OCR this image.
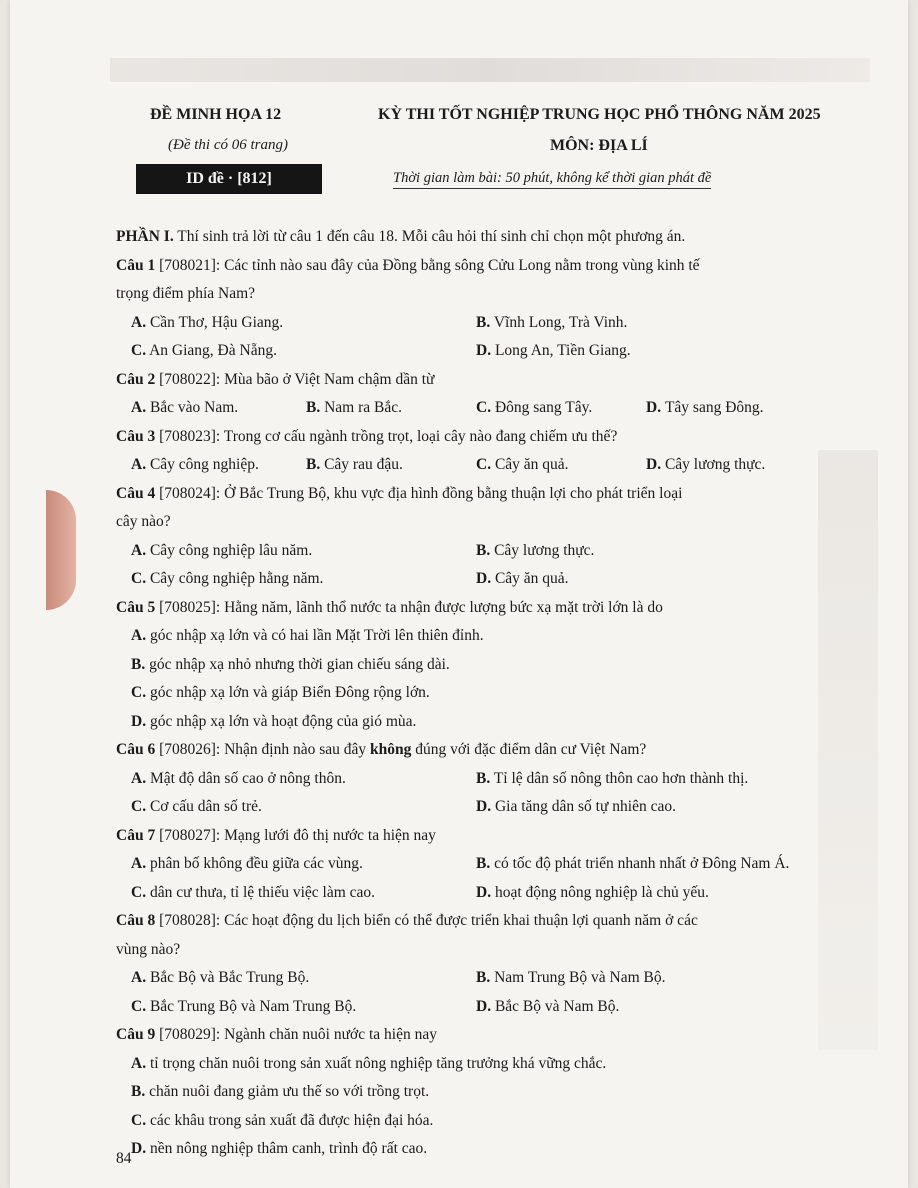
ĐỀ MINH HỌA 12	KỲ THI TỐT NGHIỆP TRUNG HỌC PHỔ THÔNG NĂM 2025
(Đề thi có 06 trang)	MÔN: ĐỊA LÍ
ID đề · [812]	Thời gian làm bài: 50 phút, không kể thời gian phát đề
PHẦN I. Thí sinh trả lời từ câu 1 đến câu 18. Mỗi câu hỏi thí sinh chỉ chọn một phương án.
Câu 1 [708021]: Các tỉnh nào sau đây của Đồng bằng sông Cửu Long nằm trong vùng kinh tế
trọng điểm phía Nam?
A. Cần Thơ, Hậu Giang.	B. Vĩnh Long, Trà Vinh.
C. An Giang, Đà Nẵng.	D. Long An, Tiền Giang.
Câu 2 [708022]: Mùa bão ở Việt Nam chậm dần từ
A. Bắc vào Nam.	B. Nam ra Bắc.	C. Đông sang Tây.	D. Tây sang Đông.
Câu 3 [708023]: Trong cơ cấu ngành trồng trọt, loại cây nào đang chiếm ưu thế?
A. Cây công nghiệp.	B. Cây rau đậu.	C. Cây ăn quả.	D. Cây lương thực.
Câu 4 [708024]: Ở Bắc Trung Bộ, khu vực địa hình đồng bằng thuận lợi cho phát triển loại
cây nào?
A. Cây công nghiệp lâu năm.	B. Cây lương thực.
C. Cây công nghiệp hằng năm.	D. Cây ăn quả.
Câu 5 [708025]: Hằng năm, lãnh thổ nước ta nhận được lượng bức xạ mặt trời lớn là do
A. góc nhập xạ lớn và có hai lần Mặt Trời lên thiên đỉnh.
B. góc nhập xạ nhỏ nhưng thời gian chiếu sáng dài.
C. góc nhập xạ lớn và giáp Biển Đông rộng lớn.
D. góc nhập xạ lớn và hoạt động của gió mùa.
Câu 6 [708026]: Nhận định nào sau đây không đúng với đặc điểm dân cư Việt Nam?
A. Mật độ dân số cao ở nông thôn.	B. Tỉ lệ dân số nông thôn cao hơn thành thị.
C. Cơ cấu dân số trẻ.	D. Gia tăng dân số tự nhiên cao.
Câu 7 [708027]: Mạng lưới đô thị nước ta hiện nay
A. phân bố không đều giữa các vùng.	B. có tốc độ phát triển nhanh nhất ở Đông Nam Á.
C. dân cư thưa, tỉ lệ thiếu việc làm cao.	D. hoạt động nông nghiệp là chủ yếu.
Câu 8 [708028]: Các hoạt động du lịch biển có thể được triển khai thuận lợi quanh năm ở các
vùng nào?
A. Bắc Bộ và Bắc Trung Bộ.	B. Nam Trung Bộ và Nam Bộ.
C. Bắc Trung Bộ và Nam Trung Bộ.	D. Bắc Bộ và Nam Bộ.
Câu 9 [708029]: Ngành chăn nuôi nước ta hiện nay
A. tỉ trọng chăn nuôi trong sản xuất nông nghiệp tăng trưởng khá vững chắc.
B. chăn nuôi đang giảm ưu thế so với trồng trọt.
C. các khâu trong sản xuất đã được hiện đại hóa.
D. nền nông nghiệp thâm canh, trình độ rất cao.
84
